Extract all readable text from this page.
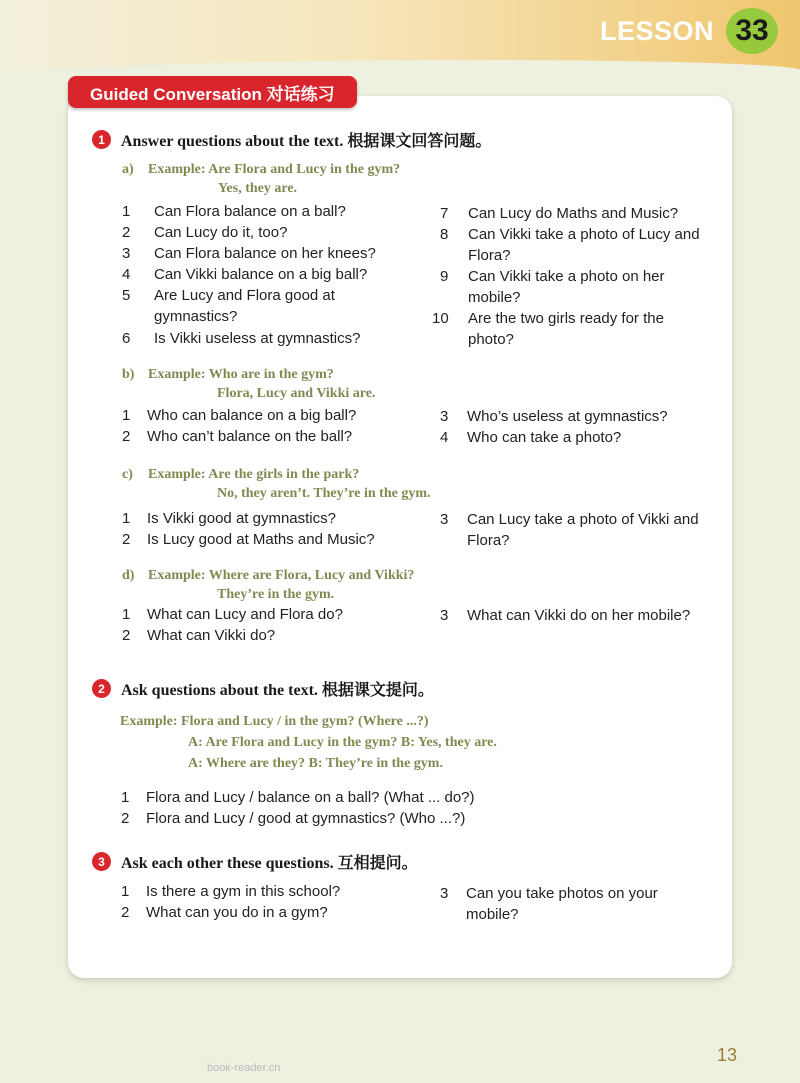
LESSON 33
Guided Conversation 对话练习
1	Answer questions about the text. 根据课文回答问题。
a) Example: Are Flora and Lucy in the gym?
Yes, they are.
1	Can Flora balance on a ball?
2	Can Lucy do it, too?
3	Can Flora balance on her knees?
4	Can Vikki balance on a big ball?
5	Are Lucy and Flora good at gymnastics?
6	Is Vikki useless at gymnastics?
7	Can Lucy do Maths and Music?
8	Can Vikki take a photo of Lucy and Flora?
9	Can Vikki take a photo on her mobile?
10 Are the two girls ready for the photo?
b) Example: Who are in the gym?
Flora, Lucy and Vikki are.
1	Who can balance on a big ball?
2	Who can’t balance on the ball?
3	Who’s useless at gymnastics?
4	Who can take a photo?
c) Example: Are the girls in the park?
No, they aren’t. They’re in the gym.
1	Is Vikki good at gymnastics?
2	Is Lucy good at Maths and Music?
3	Can Lucy take a photo of Vikki and Flora?
d) Example: Where are Flora, Lucy and Vikki?
They’re in the gym.
1	What can Lucy and Flora do?
2	What can Vikki do?
3	What can Vikki do on her mobile?
2	Ask questions about the text. 根据课文提问。
Example: Flora and Lucy / in the gym? (Where ...?)
A: Are Flora and Lucy in the gym? B: Yes, they are.
A: Where are they? B: They’re in the gym.
1	Flora and Lucy / balance on a ball? (What ... do?)
2	Flora and Lucy / good at gymnastics? (Who ...?)
3	Ask each other these questions. 互相提问。
1	Is there a gym in this school?
2	What can you do in a gym?
3	Can you take photos on your mobile?
13
book-reader.cn
